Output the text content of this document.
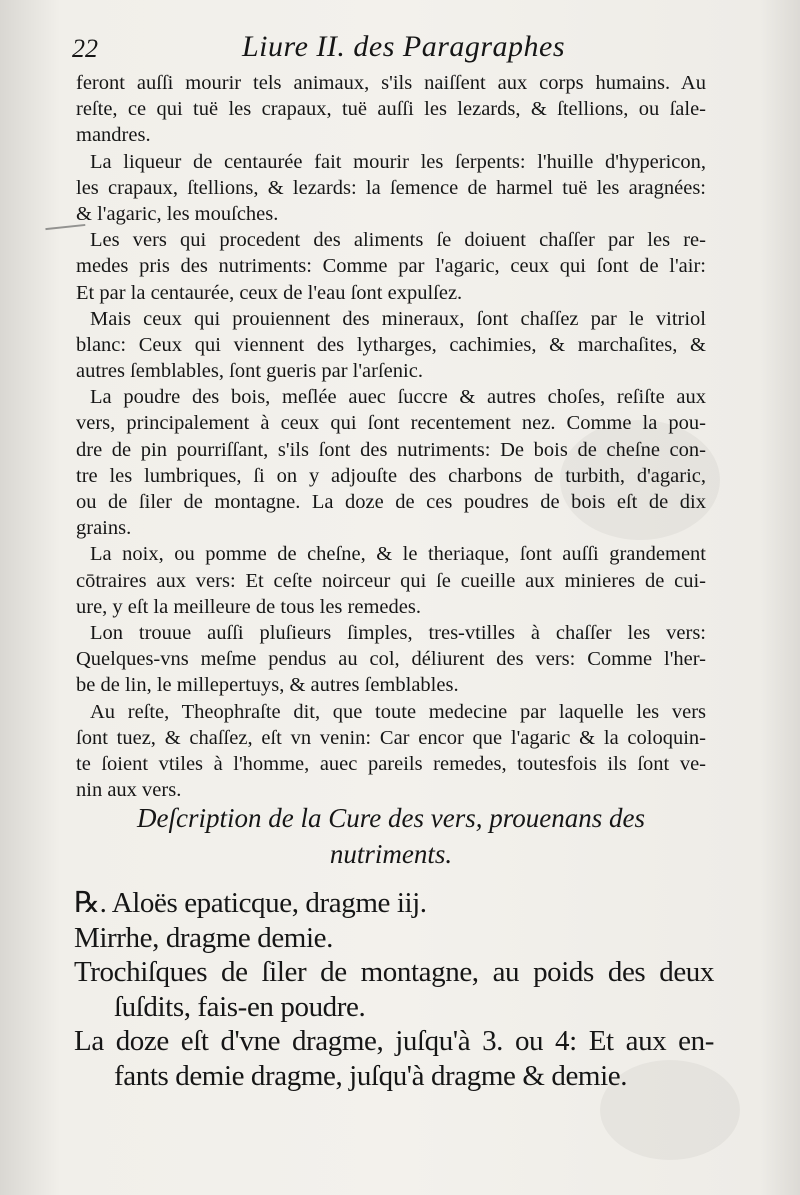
22	Liure II. des Paragraphes
feront auſſi mourir tels animaux, s'ils naiſſent aux corps humains. Au
reſte, ce qui tuë les crapaux, tuë auſſi les lezards, & ſtellions, ou ſale-
mandres.
La liqueur de centaurée fait mourir les ſerpents: l'huille d'hypericon,
les crapaux, ſtellions, & lezards: la ſemence de harmel tuë les aragnées:
& l'agaric, les mouſches.
Les vers qui procedent des aliments ſe doiuent chaſſer par les re-
medes pris des nutriments: Comme par l'agaric, ceux qui ſont de l'air:
Et par la centaurée, ceux de l'eau ſont expulſez.
Mais ceux qui prouiennent des mineraux, ſont chaſſez par le vitriol
blanc: Ceux qui viennent des lytharges, cachimies, & marchaſites, &
autres ſemblables, ſont gueris par l'arſenic.
La poudre des bois, meſlée auec ſuccre & autres choſes, reſiſte aux
vers, principalement à ceux qui ſont recentement nez. Comme la pou-
dre de pin pourriſſant, s'ils ſont des nutriments: De bois de cheſne con-
tre les lumbriques, ſi on y adjouſte des charbons de turbith, d'agaric,
ou de ſiler de montagne. La doze de ces poudres de bois eſt de dix
grains.
La noix, ou pomme de cheſne, & le theriaque, ſont auſſi grandement
cōtraires aux vers: Et ceſte noirceur qui ſe cueille aux minieres de cui-
ure, y eſt la meilleure de tous les remedes.
Lon trouue auſſi pluſieurs ſimples, tres-vtilles à chaſſer les vers:
Quelques-vns meſme pendus au col, déliurent des vers: Comme l'her-
be de lin, le millepertuys, & autres ſemblables.
Au reſte, Theophraſte dit, que toute medecine par laquelle les vers
ſont tuez, & chaſſez, eſt vn venin: Car encor que l'agaric & la coloquin-
te ſoient vtiles à l'homme, auec pareils remedes, toutesfois ils ſont ve-
nin aux vers.
Deſcription de la Cure des vers, prouenans des
nutriments.
℞. Aloës epaticque, dragme iij.
Mirrhe, dragme demie.
Trochiſques de ſiler de montagne, au poids des deux
ſuſdits, fais-en poudre.
La doze eſt d'vne dragme, juſqu'à 3. ou 4: Et aux en-
fants demie dragme, juſqu'à dragme & demie.
